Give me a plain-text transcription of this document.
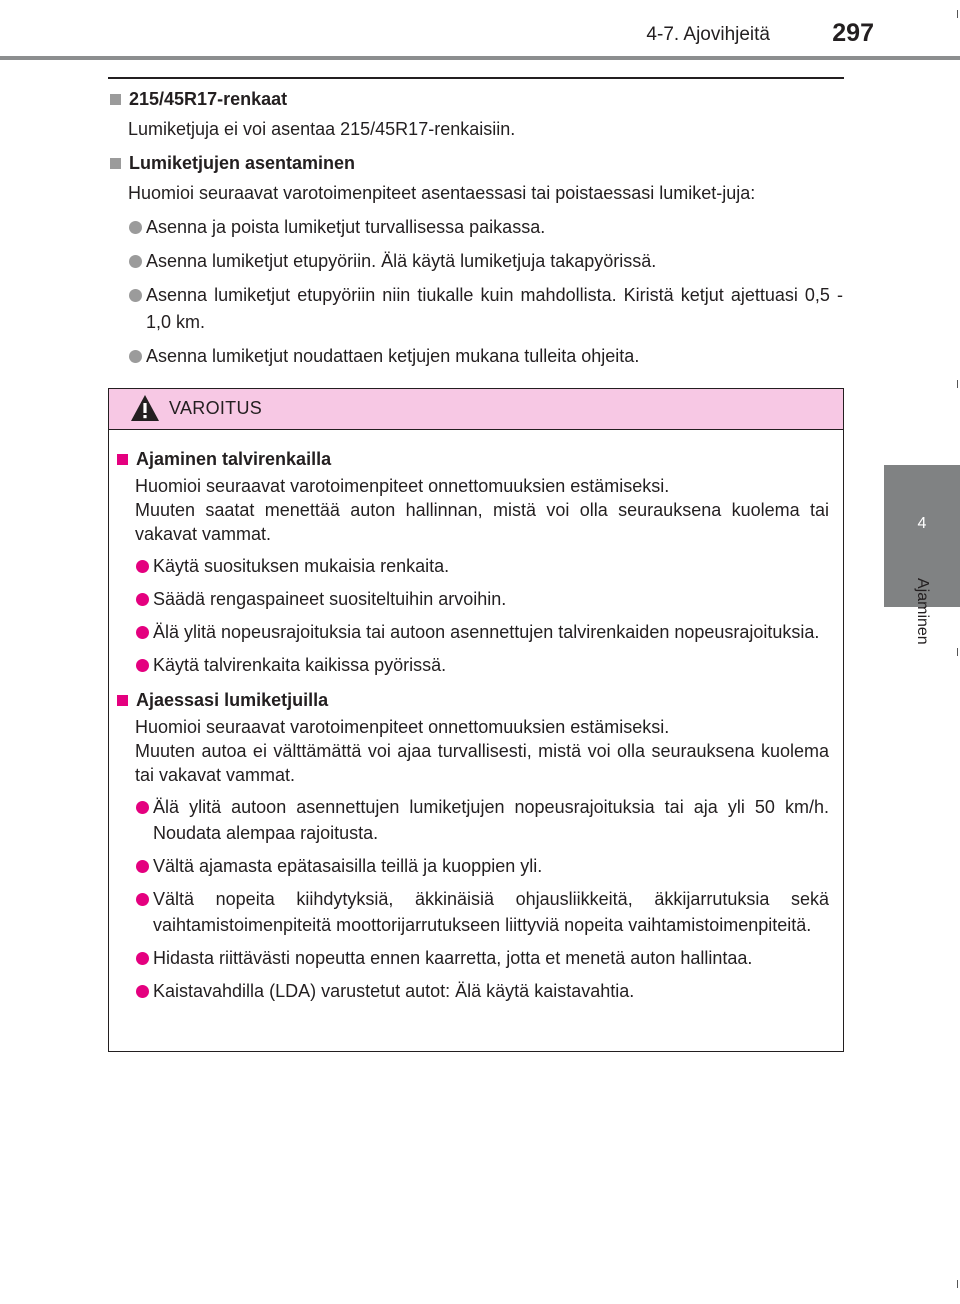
4-7. Ajovihjeitä 297
4
Ajaminen

215/45R17-renkaat

Lumiketjuja ei voi asentaa 215/45R17-renkaisiin.

Lumiketjujen asentaminen

Huomioi seuraavat varotoimenpiteet asentaessasi tai poistaessasi lumiket-juja:

Asenna ja poista lumiketjut turvallisessa paikassa.

Asenna lumiketjut etupyöriin. Älä käytä lumiketjuja takapyörissä.

Asenna lumiketjut etupyöriin niin tiukalle kuin mahdollista. Kiristä ketjut ajettuasi 0,5 - 1,0 km.

Asenna lumiketjut noudattaen ketjujen mukana tulleita ohjeita.

VAROITUS

Ajaminen talvirenkailla

Huomioi seuraavat varotoimenpiteet onnettomuuksien estämiseksi.

Muuten saatat menettää auton hallinnan, mistä voi olla seurauksena kuolema tai vakavat vammat.

Käytä suosituksen mukaisia renkaita.

Säädä rengaspaineet suositeltuihin arvoihin.

Älä ylitä nopeusrajoituksia tai autoon asennettujen talvirenkaiden nopeusrajoituksia.

Käytä talvirenkaita kaikissa pyörissä.

Ajaessasi lumiketjuilla

Huomioi seuraavat varotoimenpiteet onnettomuuksien estämiseksi.

Muuten autoa ei välttämättä voi ajaa turvallisesti, mistä voi olla seurauksena kuolema tai vakavat vammat.

Älä ylitä autoon asennettujen lumiketjujen nopeusrajoituksia tai aja yli 50 km/h. Noudata alempaa rajoitusta.

Vältä ajamasta epätasaisilla teillä ja kuoppien yli.

Vältä nopeita kiihdytyksiä, äkkinäisiä ohjausliikkeitä, äkkijarrutuksia sekä vaihtamistoimenpiteitä moottorijarrutukseen liittyviä nopeita vaihtamistoimenpiteitä.

Hidasta riittävästi nopeutta ennen kaarretta, jotta et menetä auton hallintaa.

Kaistavahdilla (LDA) varustetut autot: Älä käytä kaistavahtia.
